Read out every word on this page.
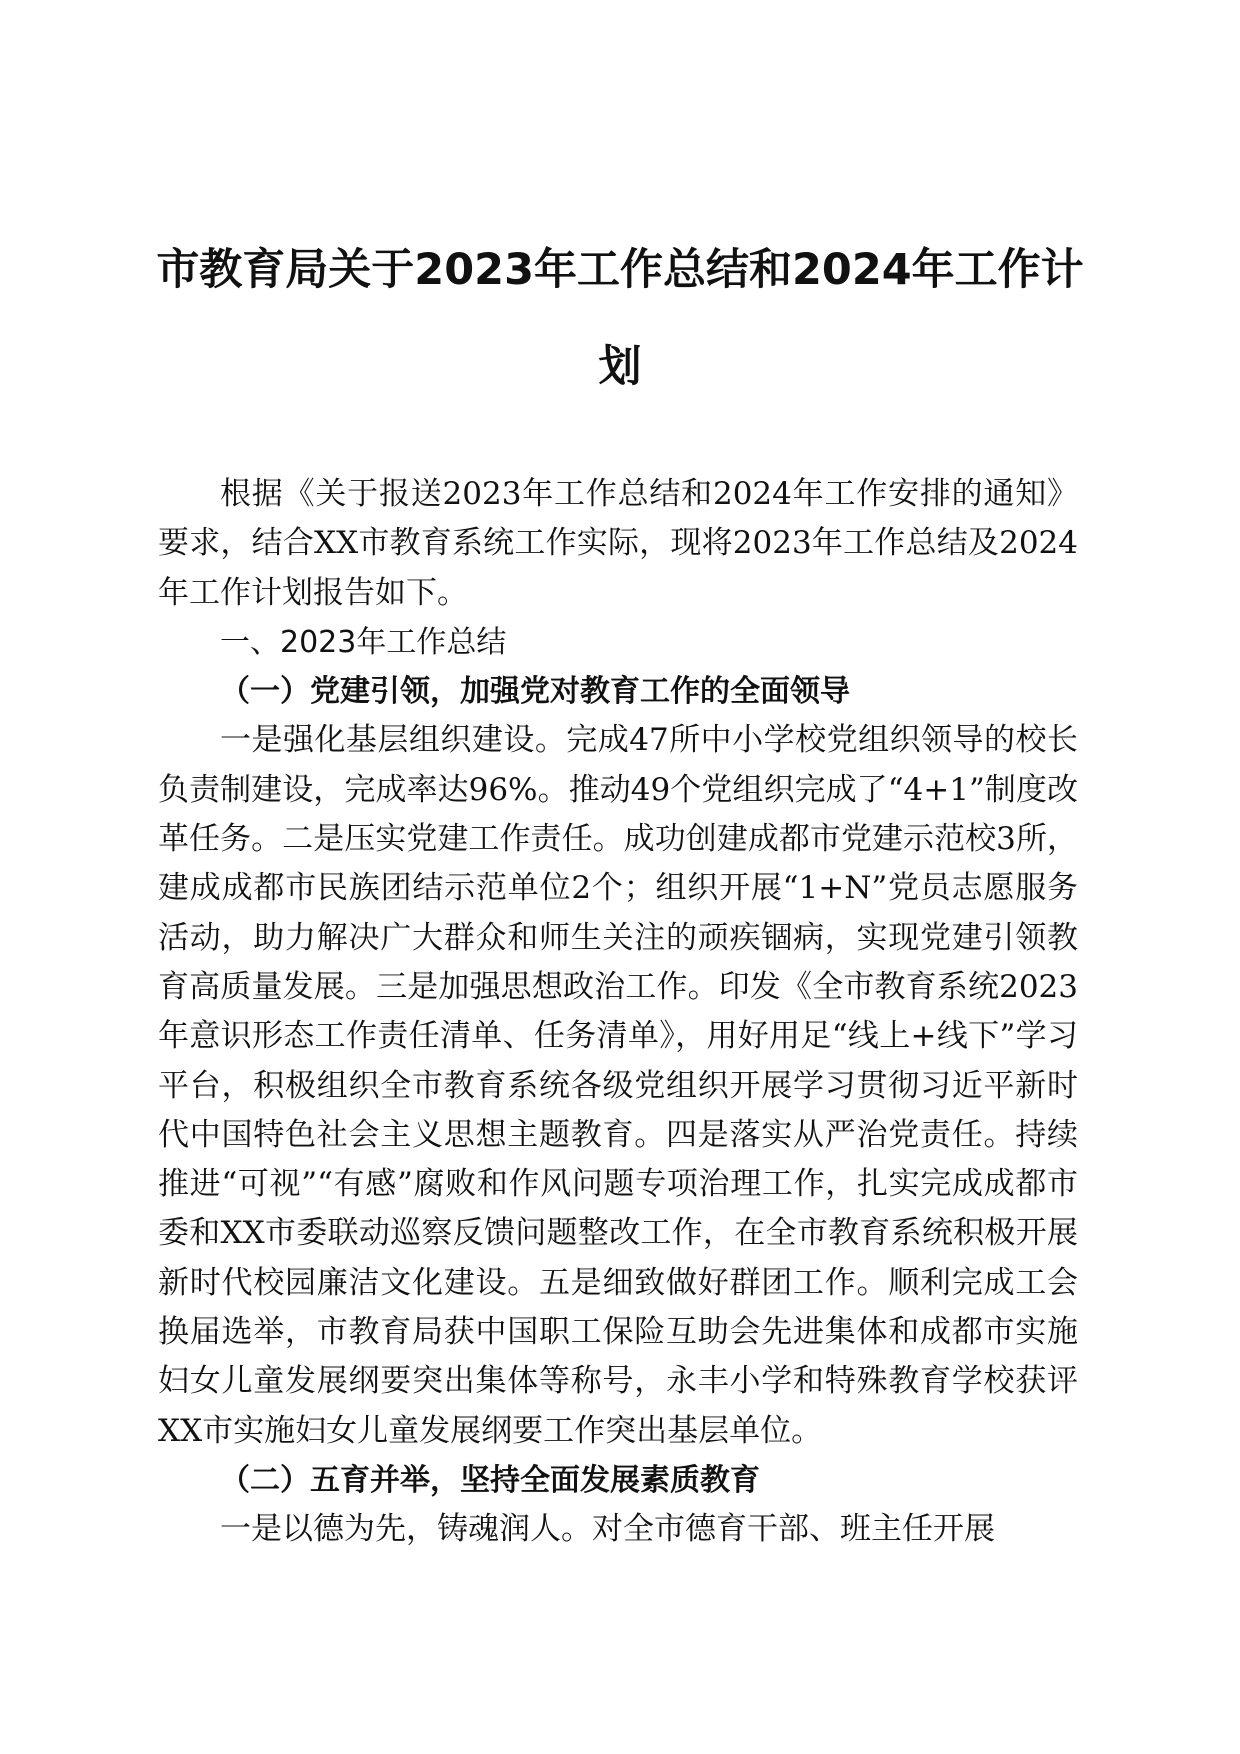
市教育局关于2023年工作总结和2024年工作计划

根据《关于报送2023年工作总结和2024年工作安排的通知》要求，结合XX市教育系统工作实际，现将2023年工作总结及2024年工作计划报告如下。

一、2023年工作总结

（一）党建引领，加强党对教育工作的全面领导

一是强化基层组织建设。完成47所中小学校党组织领导的校长负责制建设，完成率达96%。推动49个党组织完成了“4+1”制度改革任务。二是压实党建工作责任。成功创建成都市党建示范校3所，建成成都市民族团结示范单位2个；组织开展“1+N”党员志愿服务活动，助力解决广大群众和师生关注的顽疾锢病，实现党建引领教育高质量发展。三是加强思想政治工作。印发《全市教育系统2023年意识形态工作责任清单、任务清单》，用好用足“线上+线下”学习平台，积极组织全市教育系统各级党组织开展学习贯彻习近平新时代中国特色社会主义思想主题教育。四是落实从严治党责任。持续推进“可视”“有感”腐败和作风问题专项治理工作，扎实完成成都市委和XX市委联动巡察反馈问题整改工作，在全市教育系统积极开展新时代校园廉洁文化建设。五是细致做好群团工作。顺利完成工会换届选举，市教育局获中国职工保险互助会先进集体和成都市实施妇女儿童发展纲要突出集体等称号，永丰小学和特殊教育学校获评XX市实施妇女儿童发展纲要工作突出基层单位。

（二）五育并举，坚持全面发展素质教育

一是以德为先，铸魂润人。对全市德育干部、班主任开展
